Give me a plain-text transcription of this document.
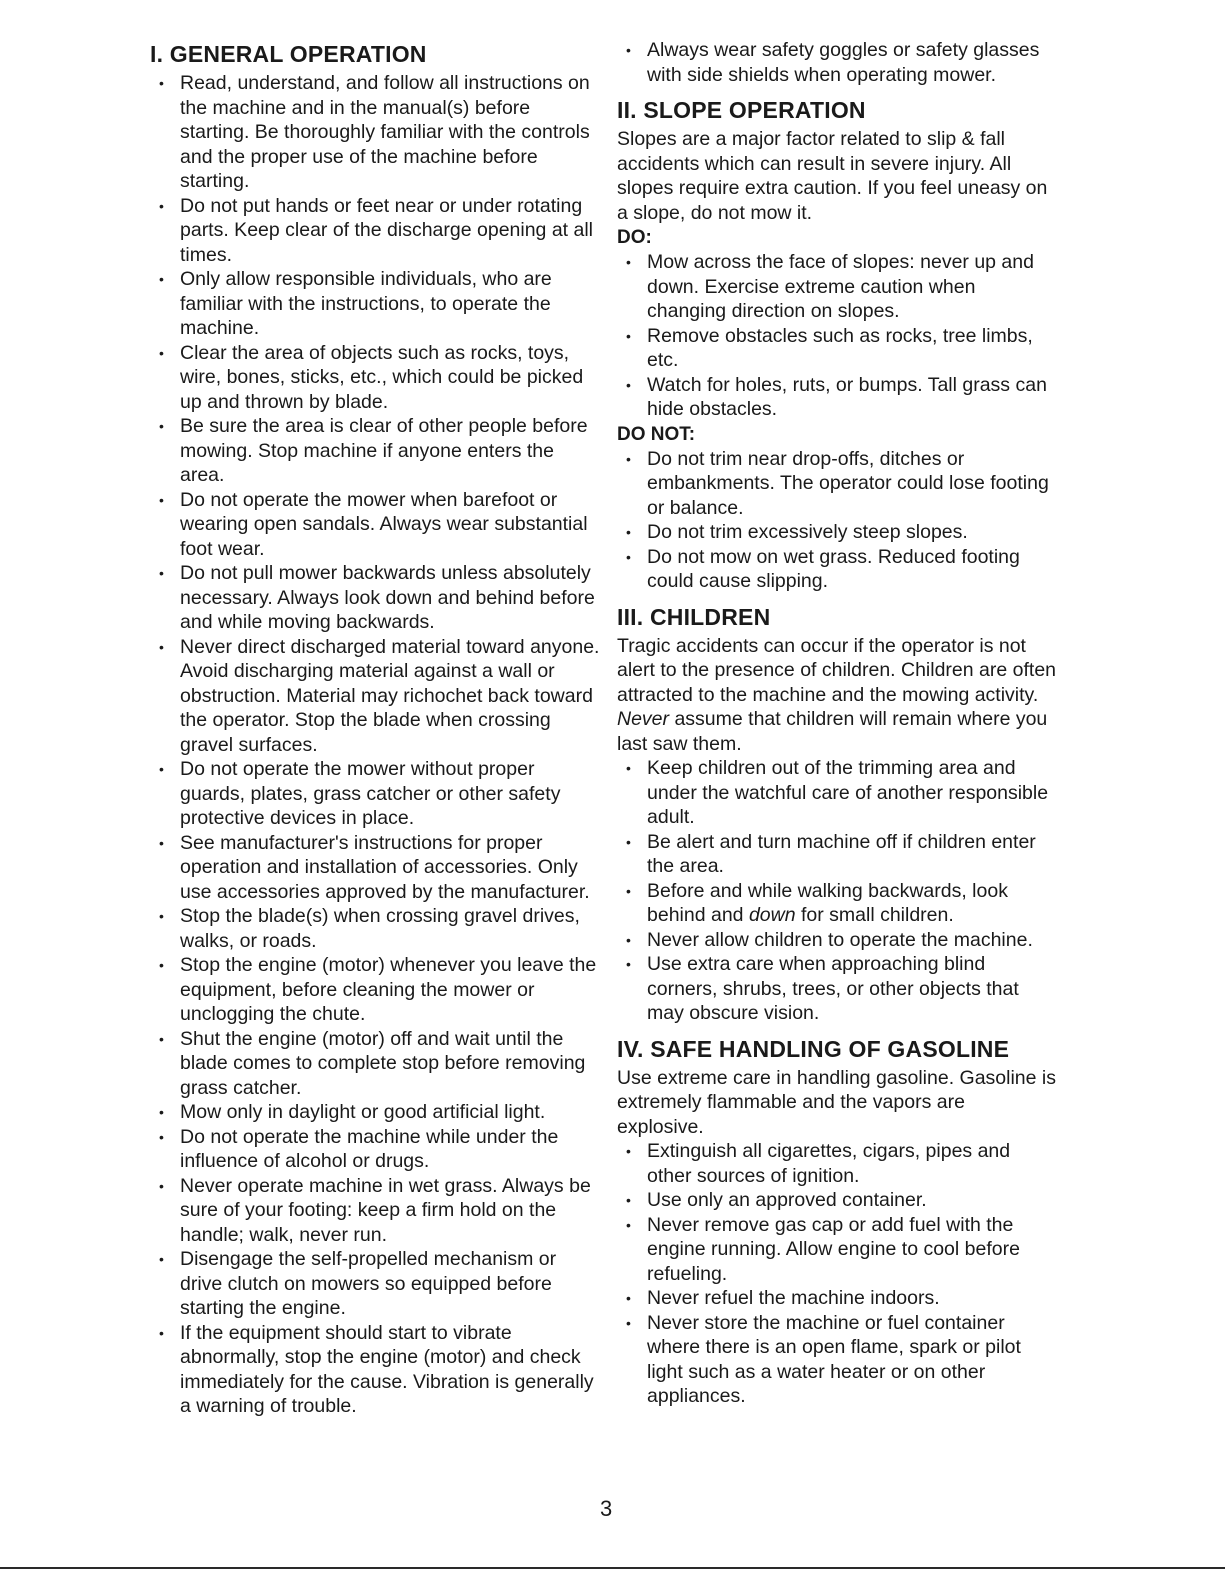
I. GENERAL OPERATION
• Read, understand, and follow all instructions on the machine and in the manual(s) before starting. Be thoroughly familiar with the controls and the proper use of the machine before starting.
• Do not put hands or feet near or under rotating parts. Keep clear of the discharge opening at all times.
• Only allow responsible individuals, who are familiar with the instructions, to operate the machine.
• Clear the area of objects such as rocks, toys, wire, bones, sticks, etc., which could be picked up and thrown by blade.
• Be sure the area is clear of other people before mowing. Stop machine if anyone enters the area.
• Do not operate the mower when barefoot or wearing open sandals. Always wear substantial foot wear.
• Do not pull mower backwards unless absolutely necessary. Always look down and behind before and while moving backwards.
• Never direct discharged material toward anyone. Avoid discharging material against a wall or obstruction. Material may richochet back toward the operator. Stop the blade when crossing gravel surfaces.
• Do not operate the mower without proper guards, plates, grass catcher or other safety protective devices in place.
• See manufacturer's instructions for proper operation and installation of accessories. Only use accessories approved by the manufacturer.
• Stop the blade(s) when crossing gravel drives, walks, or roads.
• Stop the engine (motor) whenever you leave the equipment, before cleaning the mower or unclogging the chute.
• Shut the engine (motor) off and wait until the blade comes to complete stop before removing grass catcher.
• Mow only in daylight or good artificial light.
• Do not operate the machine while under the influence of alcohol or drugs.
• Never operate machine in wet grass. Always be sure of your footing: keep a firm hold on the handle; walk, never run.
• Disengage the self-propelled mechanism or drive clutch on mowers so equipped before starting the engine.
• If the equipment should start to vibrate abnormally, stop the engine (motor) and check immediately for the cause. Vibration is generally a warning of trouble.
• Always wear safety goggles or safety glasses with side shields when operating mower.
II. SLOPE OPERATION

Slopes are a major factor related to slip & fall accidents which can result in severe injury. All slopes require extra caution. If you feel uneasy on a slope, do not mow it.

DO:
• Mow across the face of slopes: never up and down. Exercise extreme caution when changing direction on slopes.
• Remove obstacles such as rocks, tree limbs, etc.
• Watch for holes, ruts, or bumps. Tall grass can hide obstacles.
DO NOT:
• Do not trim near drop-offs, ditches or embankments. The operator could lose footing or balance.
• Do not trim excessively steep slopes.
• Do not mow on wet grass. Reduced footing could cause slipping.
III. CHILDREN

Tragic accidents can occur if the operator is not alert to the presence of children. Children are often attracted to the machine and the mowing activity. Never assume that children will remain where you last saw them.

• Keep children out of the trimming area and under the watchful care of another responsible adult.
• Be alert and turn machine off if children enter the area.
• Before and while walking backwards, look behind and down for small children.
• Never allow children to operate the machine.
• Use extra care when approaching blind corners, shrubs, trees, or other objects that may obscure vision.
IV. SAFE HANDLING OF GASOLINE

Use extreme care in handling gasoline. Gasoline is extremely flammable and the vapors are explosive.

• Extinguish all cigarettes, cigars, pipes and other sources of ignition.
• Use only an approved container.
• Never remove gas cap or add fuel with the engine running. Allow engine to cool before refueling.
• Never refuel the machine indoors.
• Never store the machine or fuel container where there is an open flame, spark or pilot light such as a water heater or on other appliances.
3
